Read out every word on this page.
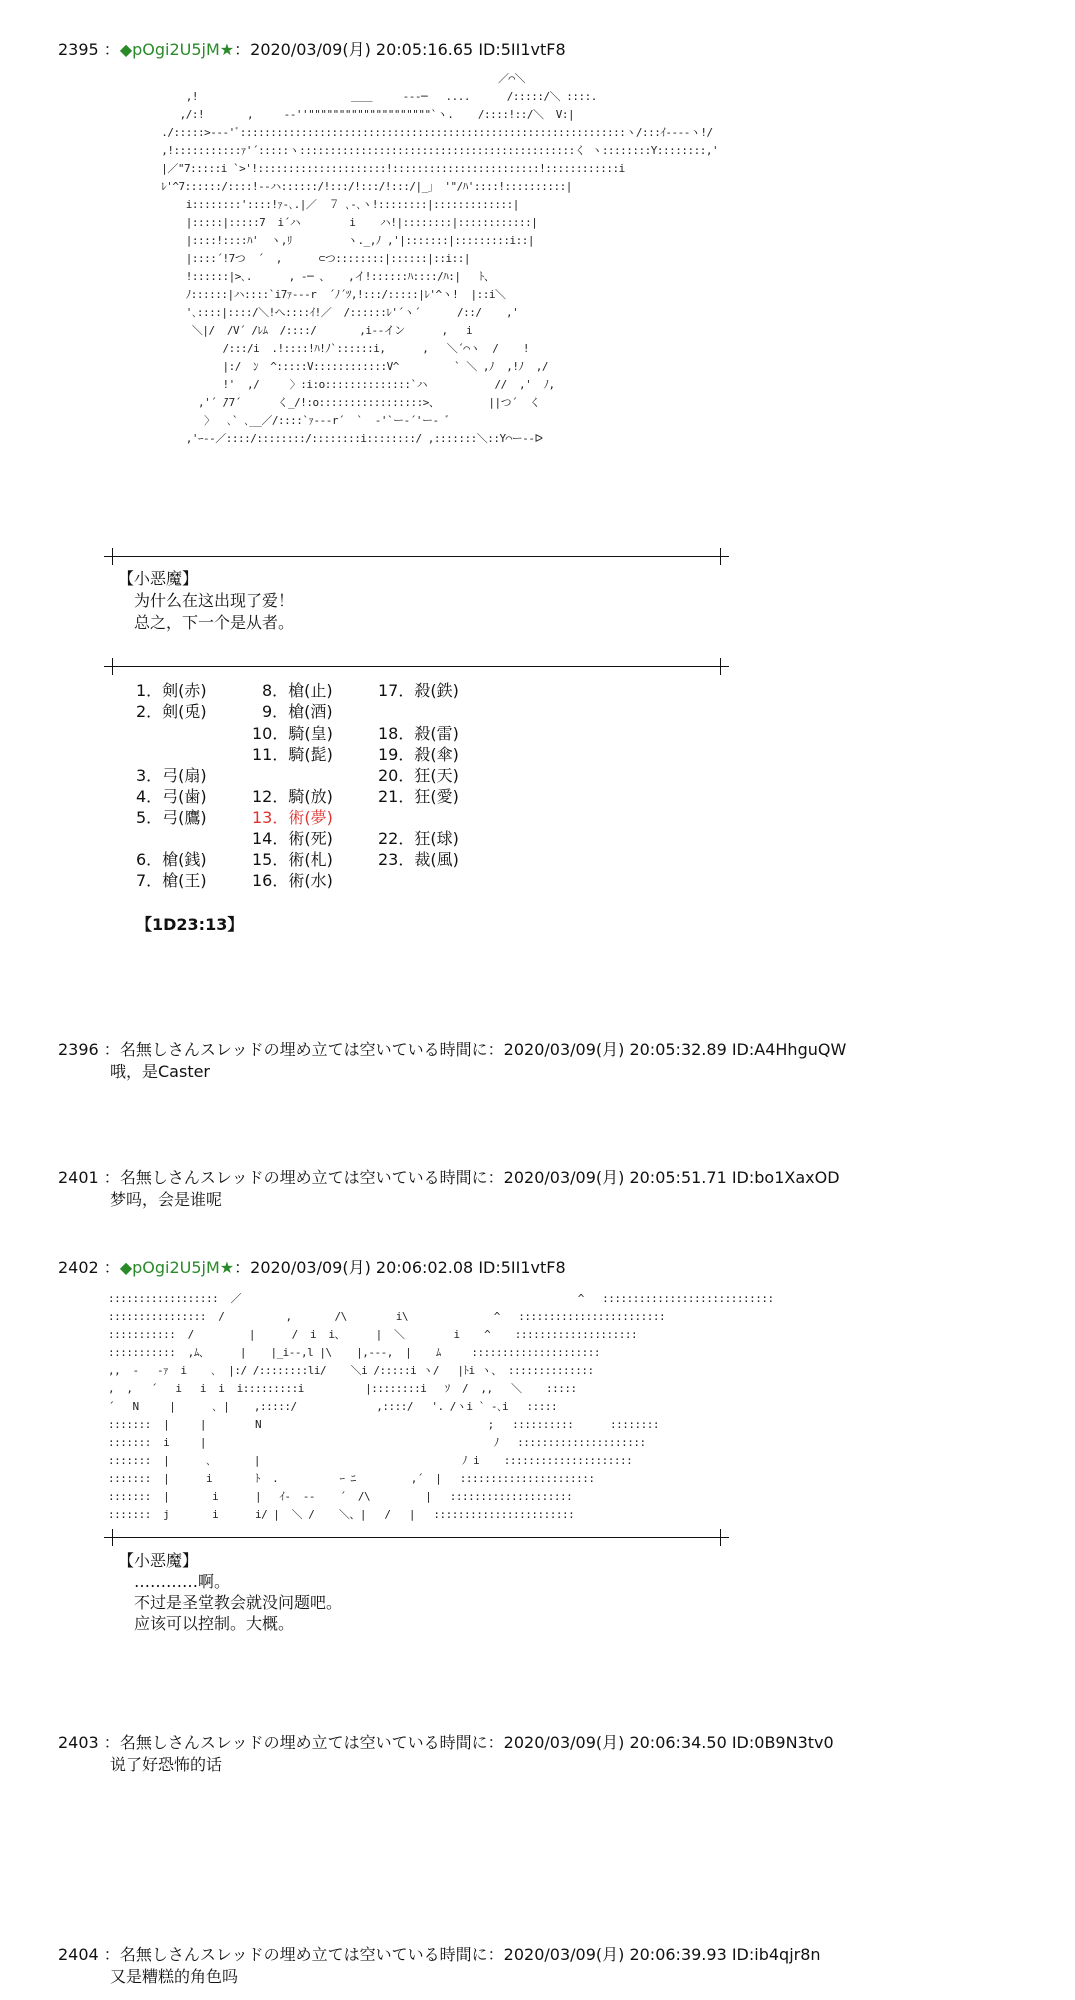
2395 ：◆pOgi2U5jM★：2020/03/09(月) 20:05:16.65 ID:5II1vtF8
／⌒＼
,!                         ＿＿     ---─   ....      /:::::/＼ ::::.
,/:!       ,     -‐''""""""""""""""""""""`ヽ.    /::::!::/＼  V:|
./:::::>‐-‐'ﾞ:::::::::::::::::::::::::::::::::::::::::::::::::::::::::::::::ヽ/:::ｲ‐--‐ヽ!/
,!:::::::::::ｧ'´:::::ヽ:::::::::::::::::::::::::::::::::::::::::::::く ヽ::::::::Y::::::::,'
|／"7:::::i `>'!:::::::::::::::::::::!::::::::::::::::::::::::!::::::::::::i
ﾚ'^7::::::/::::!-‐ハ::::::/!:::/!:::/!:::/|_」 '"/ﾊ'::::!::::::::::|
i::::::::'::::!ｧ-､.|／  ７ ､‐､ヽ!::::::::|:::::::::::::|
|:::::|:::::7  i´ハ        i    ハ!|::::::::|::::::::::::|
|::::!::::ﾊ'  ヽ,ﾘ         ヽ._,ﾉ ,'|:::::::|:::::::::i::|
|::::´!7つ  ´  ,      ⊂つ::::::::|::::::|::i::|
!::::::|>､.      , -─ 、   ,イ!::::::ﾊ::::/ﾊ:|   ﾄ、
ﾉ::::::|ハ::::`i7ｧ--‐r  ´ﾉ´ﾂ,!:::/:::::|ﾚ'^ヽ!  |::i＼
'､::::|::::/＼!へ::::ｲ!／  /::::::ﾚ'´ヽ´      /::/    ,'
＼|/  /V´ /ﾚﾑ  /::::/       ,i‐‐イン      ,   i
/:::/i  .!::::!ﾊ!ﾉ`::::::i,      ,   ＼´⌒ヽ  /    !
|:/  ﾝ  ^:::::V::::::::::::V^         ` ＼ ,ﾉ  ,!ﾉ  ,/
!'  ,/     〉:i:o::::::::::::::`ハ           //  ,'  ﾉ,
,'´ ̄/7´      く_/!:o:::::::::::::::::>、        ||つ´  く
〉  ､` ､__／/::::`ｧ--‐r´  `  ‐'`ー‐´'ー‐ ゛
,'ｰ-‐／::::/::::::::/::::::::i::::::::/ ,:::::::＼::Y⌒ー-‐ᐅ
【小恶魔】
为什么在这出现了爱！
总之，下一个是从者。
1．剣(赤)
2．剣(兎)
3．弓(扇)
4．弓(歯)
5．弓(鷹)
6．槍(銭)
7．槍(王)
8．槍(止)
9．槍(酒)
10．騎(皇)
11．騎(髭)
12．騎(放)
13．術(夢)
14．術(死)
15．術(札)
16．術(水)
17．殺(鉄)
18．殺(雷)
19．殺(傘)
20．狂(天)
21．狂(愛)
22．狂(球)
23．裁(風)
【1D23:13】
2396 ：名無しさんスレッドの埋め立ては空いている時間に：2020/03/09(月) 20:05:32.89 ID:A4HhguQW
哦，是Caster
2401 ：名無しさんスレッドの埋め立ては空いている時間に：2020/03/09(月) 20:05:51.71 ID:bo1XaxOD
梦吗，会是谁呢
2402 ：◆pOgi2U5jM★：2020/03/09(月) 20:06:02.08 ID:5II1vtF8
::::::::::::::::::  ／                                                       ^   ::::::::::::::::::::::::::::
::::::::::::::::  /          ,       /\        i\              ^   ::::::::::::::::::::::::
:::::::::::  /         |      /  i  i、     |  ＼        i    ^    ::::::::::::::::::::
:::::::::::  ,ﾑ、     |    |_i‐‐,l |\    |,‐‐‐,  |    ﾑ     :::::::::::::::::::::
,,  ‐   ‐ｧ  i    ､  |:/ /::::::::li/    ＼i /:::::i ヽ/   |ﾄi ヽ、 ::::::::::::::
,  ,   ´   i   i  i  i:::::::::i          |::::::::i   ｿ  /  ,,   ＼    :::::
´   N     |      ､ |    ,:::::/             ,::::/   '. /ヽi ` ‐､i   :::::
:::::::  |     |        N                                     ;   ::::::::::      ::::::::
:::::::  i     |                                               ﾉ   :::::::::::::::::::::
:::::::  |      ､       |                                 ﾉ i    :::::::::::::::::::::
:::::::  |      i       ﾄ  .          ｰ ﾆ         ,´  |   ::::::::::::::::::::::
:::::::  |       i      |   ｲ‐  ‐-    ´  /\         |   ::::::::::::::::::::
:::::::  j       i      i/ |  ＼ /    ＼、|   /   |   :::::::::::::::::::::::
【小恶魔】
…………啊。
不过是圣堂教会就没问题吧。
应该可以控制。大概。
2403 ：名無しさんスレッドの埋め立ては空いている時間に：2020/03/09(月) 20:06:34.50 ID:0B9N3tv0
说了好恐怖的话
2404 ：名無しさんスレッドの埋め立ては空いている時間に：2020/03/09(月) 20:06:39.93 ID:ib4qjr8n
又是糟糕的角色吗
